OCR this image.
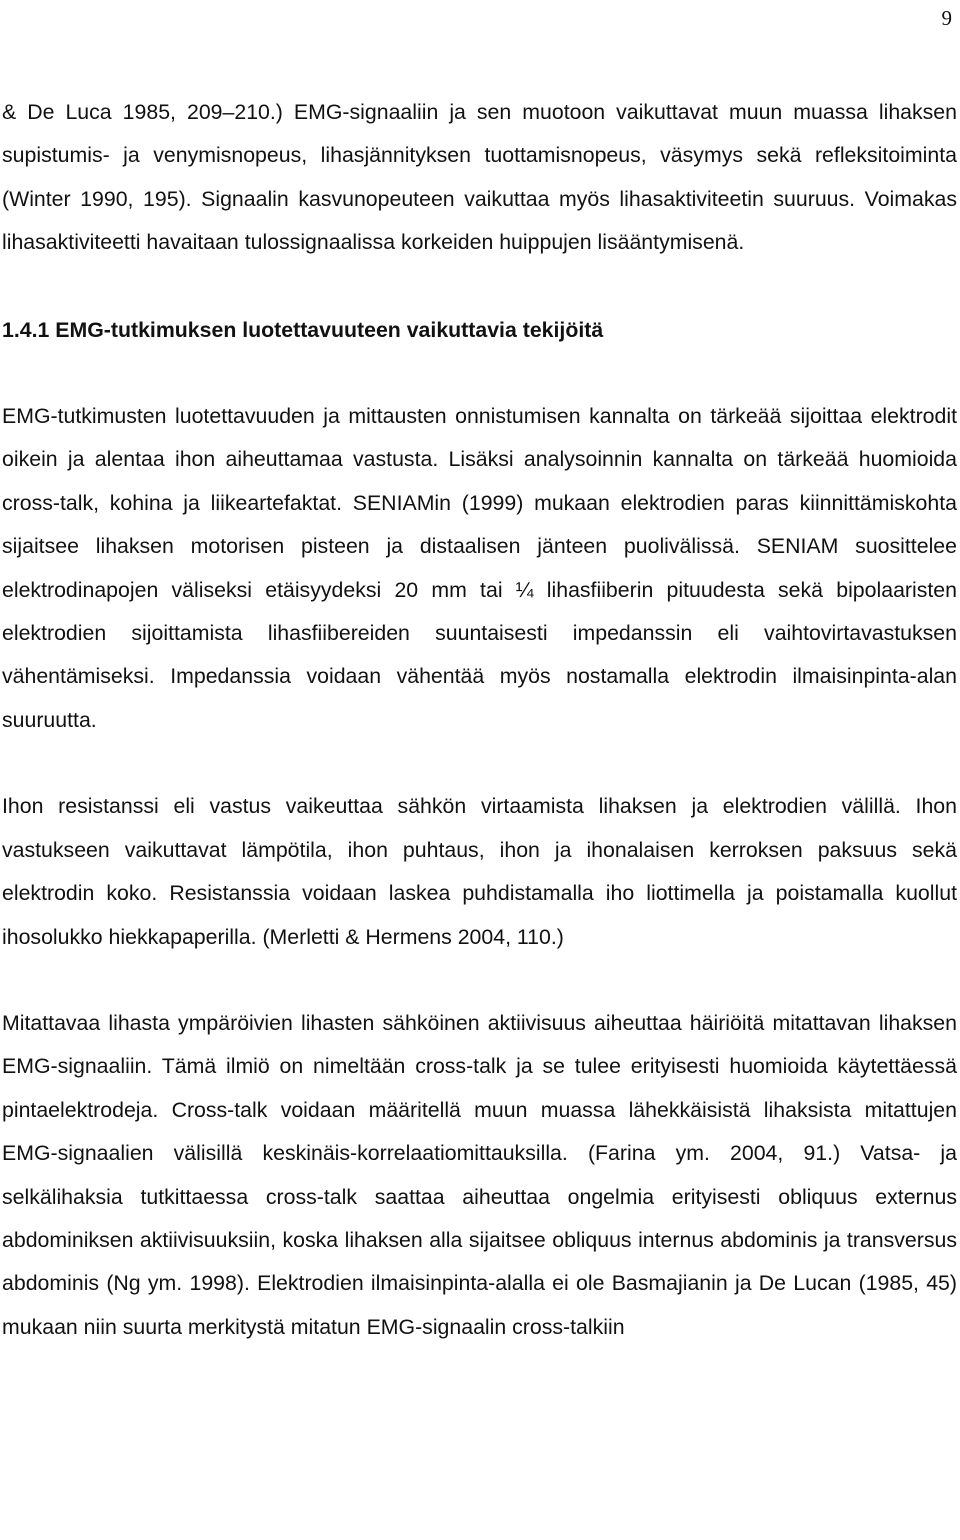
9

& De Luca 1985, 209–210.) EMG-signaaliin ja sen muotoon vaikuttavat muun muassa lihaksen supistumis- ja venymisnopeus, lihasjännityksen tuottamisnopeus, väsymys sekä refleksitoiminta (Winter 1990, 195). Signaalin kasvunopeuteen vaikuttaa myös lihasaktiviteetin suuruus. Voimakas lihasaktiviteetti havaitaan tulossignaalissa korkeiden huippujen lisääntymisenä.

1.4.1 EMG-tutkimuksen luotettavuuteen vaikuttavia tekijöitä

EMG-tutkimusten luotettavuuden ja mittausten onnistumisen kannalta on tärkeää sijoittaa elektrodit oikein ja alentaa ihon aiheuttamaa vastusta. Lisäksi analysoinnin kannalta on tärkeää huomioida cross-talk, kohina ja liikeartefaktat. SENIAMin (1999) mukaan elektrodien paras kiinnittämiskohta sijaitsee lihaksen motorisen pisteen ja distaalisen jänteen puolivälissä. SENIAM suosittelee elektrodinapojen väliseksi etäisyydeksi 20 mm tai ¼ lihasfiiberin pituudesta sekä bipolaaristen elektrodien sijoittamista lihasfiibereiden suuntaisesti impedanssin eli vaihtovirtavastuksen vähentämiseksi. Impedanssia voidaan vähentää myös nostamalla elektrodin ilmaisinpinta-alan suuruutta.

Ihon resistanssi eli vastus vaikeuttaa sähkön virtaamista lihaksen ja elektrodien välillä. Ihon vastukseen vaikuttavat lämpötila, ihon puhtaus, ihon ja ihonalaisen kerroksen paksuus sekä elektrodin koko. Resistanssia voidaan laskea puhdistamalla iho liottimella ja poistamalla kuollut ihosolukko hiekkapaperilla. (Merletti & Hermens 2004, 110.)

Mitattavaa lihasta ympäröivien lihasten sähköinen aktiivisuus aiheuttaa häiriöitä mitattavan lihaksen EMG-signaaliin. Tämä ilmiö on nimeltään cross-talk ja se tulee erityisesti huomioida käytettäessä pintaelektrodeja. Cross-talk voidaan määritellä muun muassa lähekkäisistä lihaksista mitattujen EMG-signaalien välisillä keskinäis-korrelaatiomittauksilla. (Farina ym. 2004, 91.) Vatsa- ja selkälihaksia tutkittaessa cross-talk saattaa aiheuttaa ongelmia erityisesti obliquus externus abdominiksen aktiivisuuksiin, koska lihaksen alla sijaitsee obliquus internus abdominis ja transversus abdominis (Ng ym. 1998). Elektrodien ilmaisinpinta-alalla ei ole Basmajianin ja De Lucan (1985, 45) mukaan niin suurta merkitystä mitatun EMG-signaalin cross-talkiin
